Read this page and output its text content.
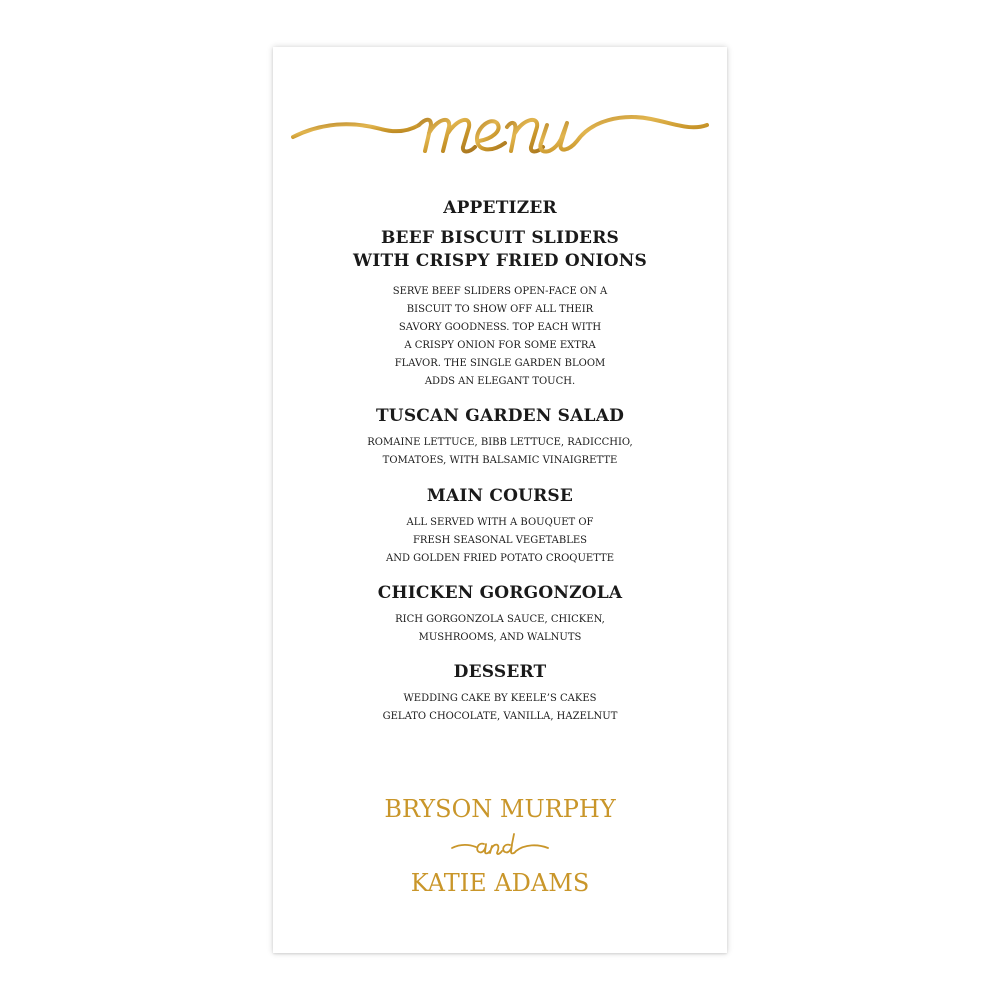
APPETIZER
BEEF BISCUIT SLIDERS WITH CRISPY FRIED ONIONS

SERVE BEEF SLIDERS OPEN-FACE ON A
BISCUIT TO SHOW OFF ALL THEIR
SAVORY GOODNESS. TOP EACH WITH
A CRISPY ONION FOR SOME EXTRA
FLAVOR. THE SINGLE GARDEN BLOOM
ADDS AN ELEGANT TOUCH.

TUSCAN GARDEN SALAD

ROMAINE LETTUCE, BIBB LETTUCE, RADICCHIO,
TOMATOES, WITH BALSAMIC VINAIGRETTE

MAIN COURSE

ALL SERVED WITH A BOUQUET OF
FRESH SEASONAL VEGETABLES
AND GOLDEN FRIED POTATO CROQUETTE

CHICKEN GORGONZOLA

RICH GORGONZOLA SAUCE, CHICKEN,
MUSHROOMS, AND WALNUTS

DESSERT

WEDDING CAKE BY KEELE’S CAKES
GELATO CHOCOLATE, VANILLA, HAZELNUT

BRYSON MURPHY

KATIE ADAMS
